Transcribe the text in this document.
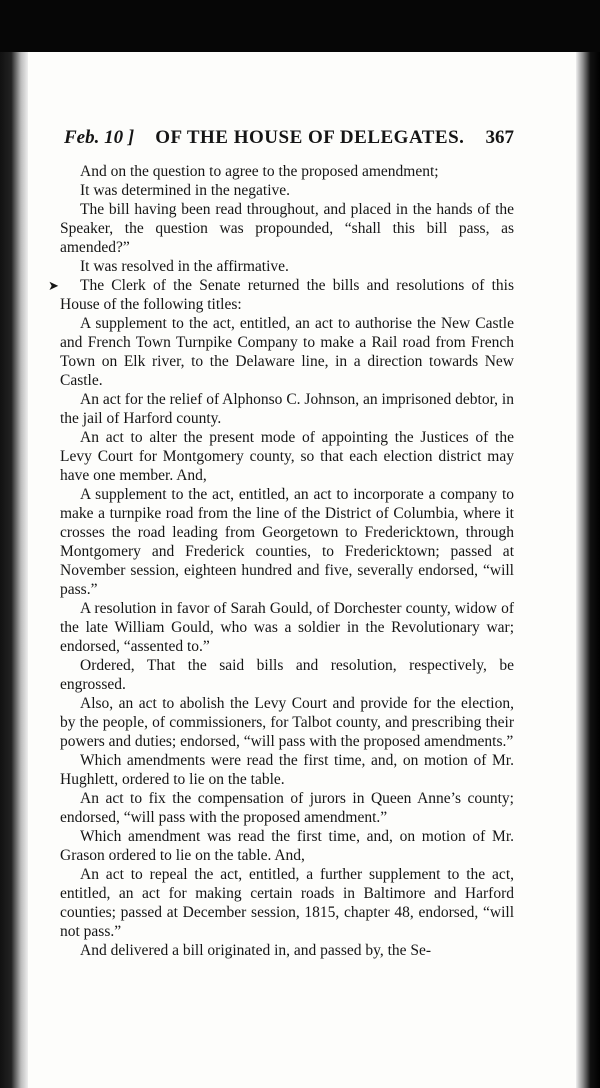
Feb. 10 ] OF THE HOUSE OF DELEGATES. 367
➤

And on the question to agree to the proposed amendment;

It was determined in the negative.

The bill having been read throughout, and placed in the hands of the Speaker, the question was propounded, “shall this bill pass, as amended?”

It was resolved in the affirmative.

The Clerk of the Senate returned the bills and resolutions of this House of the following titles:

A supplement to the act, entitled, an act to authorise the New Castle and French Town Turnpike Company to make a Rail road from French Town on Elk river, to the Delaware line, in a direction towards New Castle.

An act for the relief of Alphonso C. Johnson, an imprisoned debtor, in the jail of Harford county.

An act to alter the present mode of appointing the Justices of the Levy Court for Montgomery county, so that each election district may have one member. And,

A supplement to the act, entitled, an act to incorporate a company to make a turnpike road from the line of the District of Columbia, where it crosses the road leading from Georgetown to Fredericktown, through Montgomery and Frederick counties, to Fredericktown; passed at November session, eighteen hundred and five, severally endorsed, “will pass.”

A resolution in favor of Sarah Gould, of Dorchester county, widow of the late William Gould, who was a soldier in the Revolutionary war; endorsed, “assented to.”

Ordered, That the said bills and resolution, respectively, be engrossed.

Also, an act to abolish the Levy Court and provide for the election, by the people, of commissioners, for Talbot county, and prescribing their powers and duties; endorsed, “will pass with the proposed amendments.”

Which amendments were read the first time, and, on motion of Mr. Hughlett, ordered to lie on the table.

An act to fix the compensation of jurors in Queen Anne’s county; endorsed, “will pass with the proposed amendment.”

Which amendment was read the first time, and, on motion of Mr. Grason ordered to lie on the table. And,

An act to repeal the act, entitled, a further supplement to the act, entitled, an act for making certain roads in Baltimore and Harford counties; passed at December session, 1815, chapter 48, endorsed, “will not pass.”

And delivered a bill originated in, and passed by, the Se-
